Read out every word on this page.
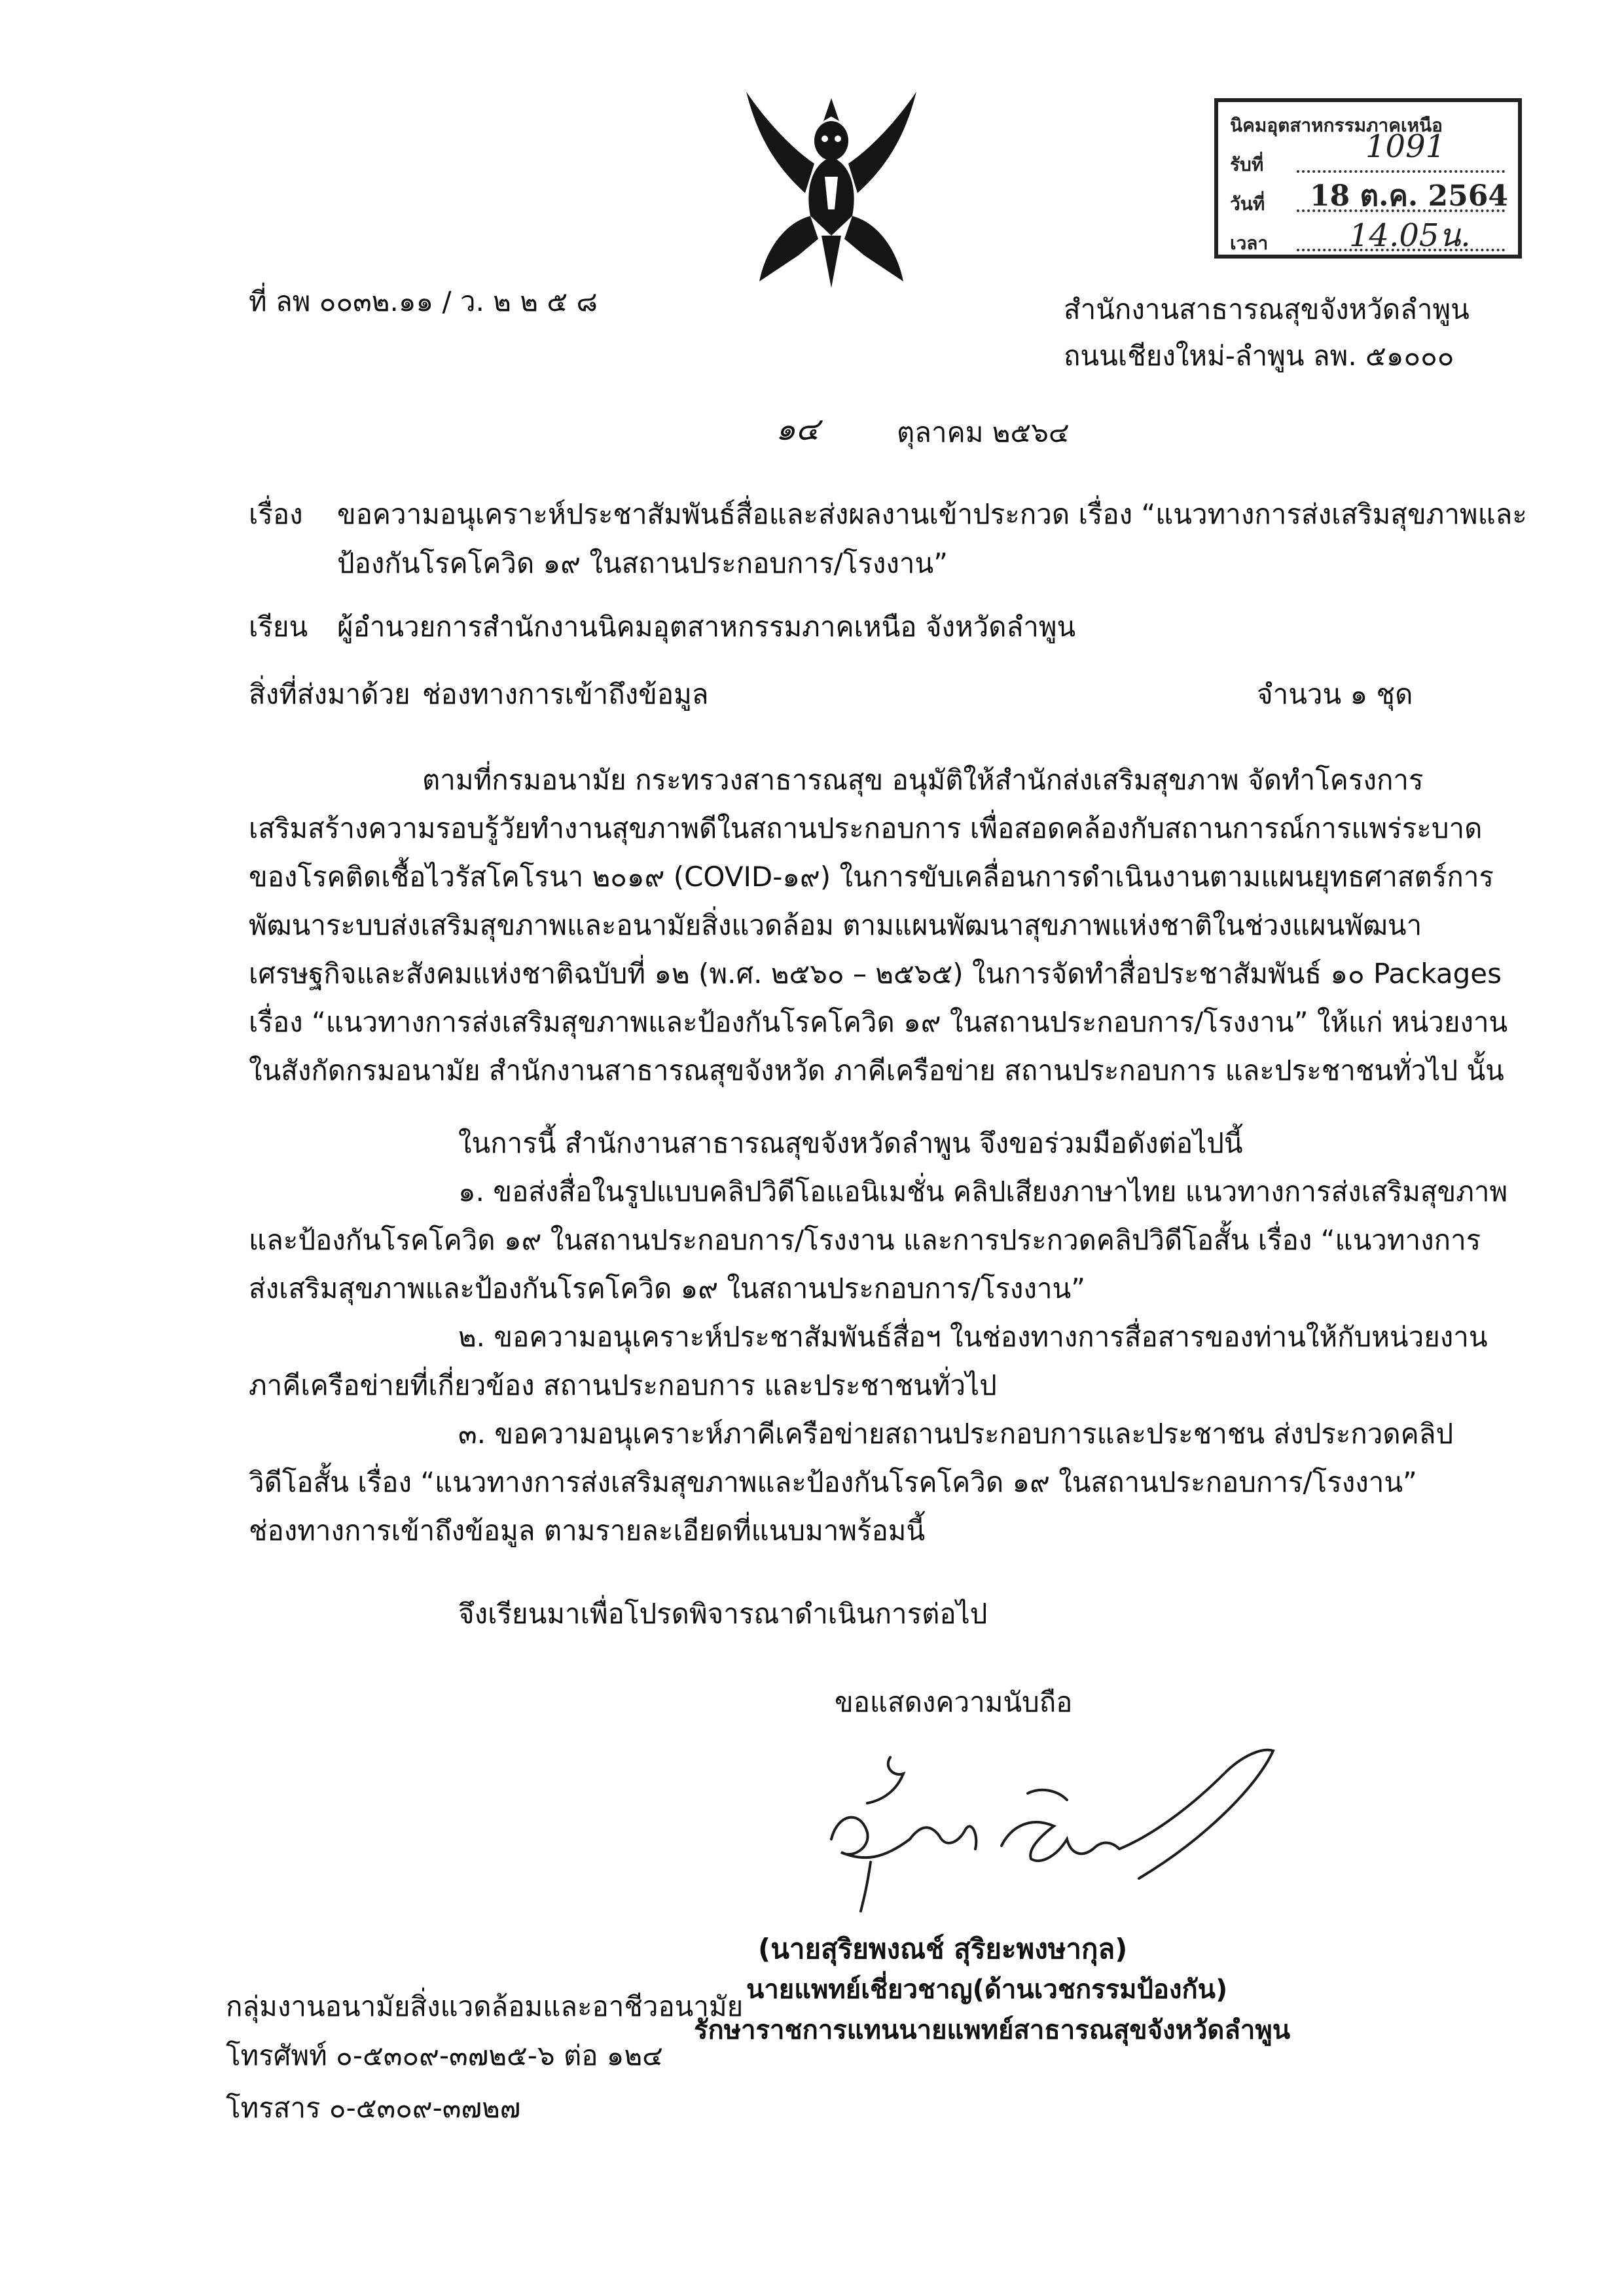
นิคมอุตสาหกรรมภาคเหนือ
รับที่	1091
วันที่ 18 ต.ค. 2564
เวลา	14.05น.
ที่ ลพ ๐๐๓๒.๑๑ / ว. ๒ ๒ ๕ ๘	สำนักงานสาธารณสุขจังหวัดลำพูน
ถนนเชียงใหม่-ลำพูน ลพ. ๕๑๐๐๐
๑๔	ตุลาคม ๒๕๖๔
เรื่อง ขอความอนุเคราะห์ประชาสัมพันธ์สื่อและส่งผลงานเข้าประกวด เรื่อง “แนวทางการส่งเสริมสุขภาพและ
ป้องกันโรคโควิด ๑๙ ในสถานประกอบการ/โรงงาน”
เรียน ผู้อำนวยการสำนักงานนิคมอุตสาหกรรมภาคเหนือ จังหวัดลำพูน
สิ่งที่ส่งมาด้วย ช่องทางการเข้าถึงข้อมูล	จำนวน ๑ ชุด
ตามที่กรมอนามัย กระทรวงสาธารณสุข อนุมัติให้สำนักส่งเสริมสุขภาพ จัดทำโครงการ
เสริมสร้างความรอบรู้วัยทำงานสุขภาพดีในสถานประกอบการ เพื่อสอดคล้องกับสถานการณ์การแพร่ระบาด
ของโรคติดเชื้อไวรัสโคโรนา ๒๐๑๙ (COVID-๑๙) ในการขับเคลื่อนการดำเนินงานตามแผนยุทธศาสตร์การ
พัฒนาระบบส่งเสริมสุขภาพและอนามัยสิ่งแวดล้อม ตามแผนพัฒนาสุขภาพแห่งชาติในช่วงแผนพัฒนา
เศรษฐกิจและสังคมแห่งชาติฉบับที่ ๑๒ (พ.ศ. ๒๕๖๐ – ๒๕๖๕) ในการจัดทำสื่อประชาสัมพันธ์ ๑๐ Packages
เรื่อง “แนวทางการส่งเสริมสุขภาพและป้องกันโรคโควิด ๑๙ ในสถานประกอบการ/โรงงาน” ให้แก่ หน่วยงาน
ในสังกัดกรมอนามัย สำนักงานสาธารณสุขจังหวัด ภาคีเครือข่าย สถานประกอบการ และประชาชนทั่วไป นั้น
ในการนี้ สำนักงานสาธารณสุขจังหวัดลำพูน จึงขอร่วมมือดังต่อไปนี้
๑. ขอส่งสื่อในรูปแบบคลิปวิดีโอแอนิเมชั่น คลิปเสียงภาษาไทย แนวทางการส่งเสริมสุขภาพ
และป้องกันโรคโควิด ๑๙ ในสถานประกอบการ/โรงงาน และการประกวดคลิปวิดีโอสั้น เรื่อง “แนวทางการ
ส่งเสริมสุขภาพและป้องกันโรคโควิด ๑๙ ในสถานประกอบการ/โรงงาน”
๒. ขอความอนุเคราะห์ประชาสัมพันธ์สื่อฯ ในช่องทางการสื่อสารของท่านให้กับหน่วยงาน
ภาคีเครือข่ายที่เกี่ยวข้อง สถานประกอบการ และประชาชนทั่วไป
๓. ขอความอนุเคราะห์ภาคีเครือข่ายสถานประกอบการและประชาชน ส่งประกวดคลิป
วิดีโอสั้น เรื่อง “แนวทางการส่งเสริมสุขภาพและป้องกันโรคโควิด ๑๙ ในสถานประกอบการ/โรงงาน”
ช่องทางการเข้าถึงข้อมูล ตามรายละเอียดที่แนบมาพร้อมนี้
จึงเรียนมาเพื่อโปรดพิจารณาดำเนินการต่อไป
ขอแสดงความนับถือ
(นายสุริยพงณช์ สุริยะพงษากุล)
นายแพทย์เชี่ยวชาญ(ด้านเวชกรรมป้องกัน)
รักษาราชการแทนนายแพทย์สาธารณสุขจังหวัดลำพูน
กลุ่มงานอนามัยสิ่งแวดล้อมและอาชีวอนามัย
โทรศัพท์ ๐-๕๓๐๙-๓๗๒๕-๖ ต่อ ๑๒๔
โทรสาร ๐-๕๓๐๙-๓๗๒๗
